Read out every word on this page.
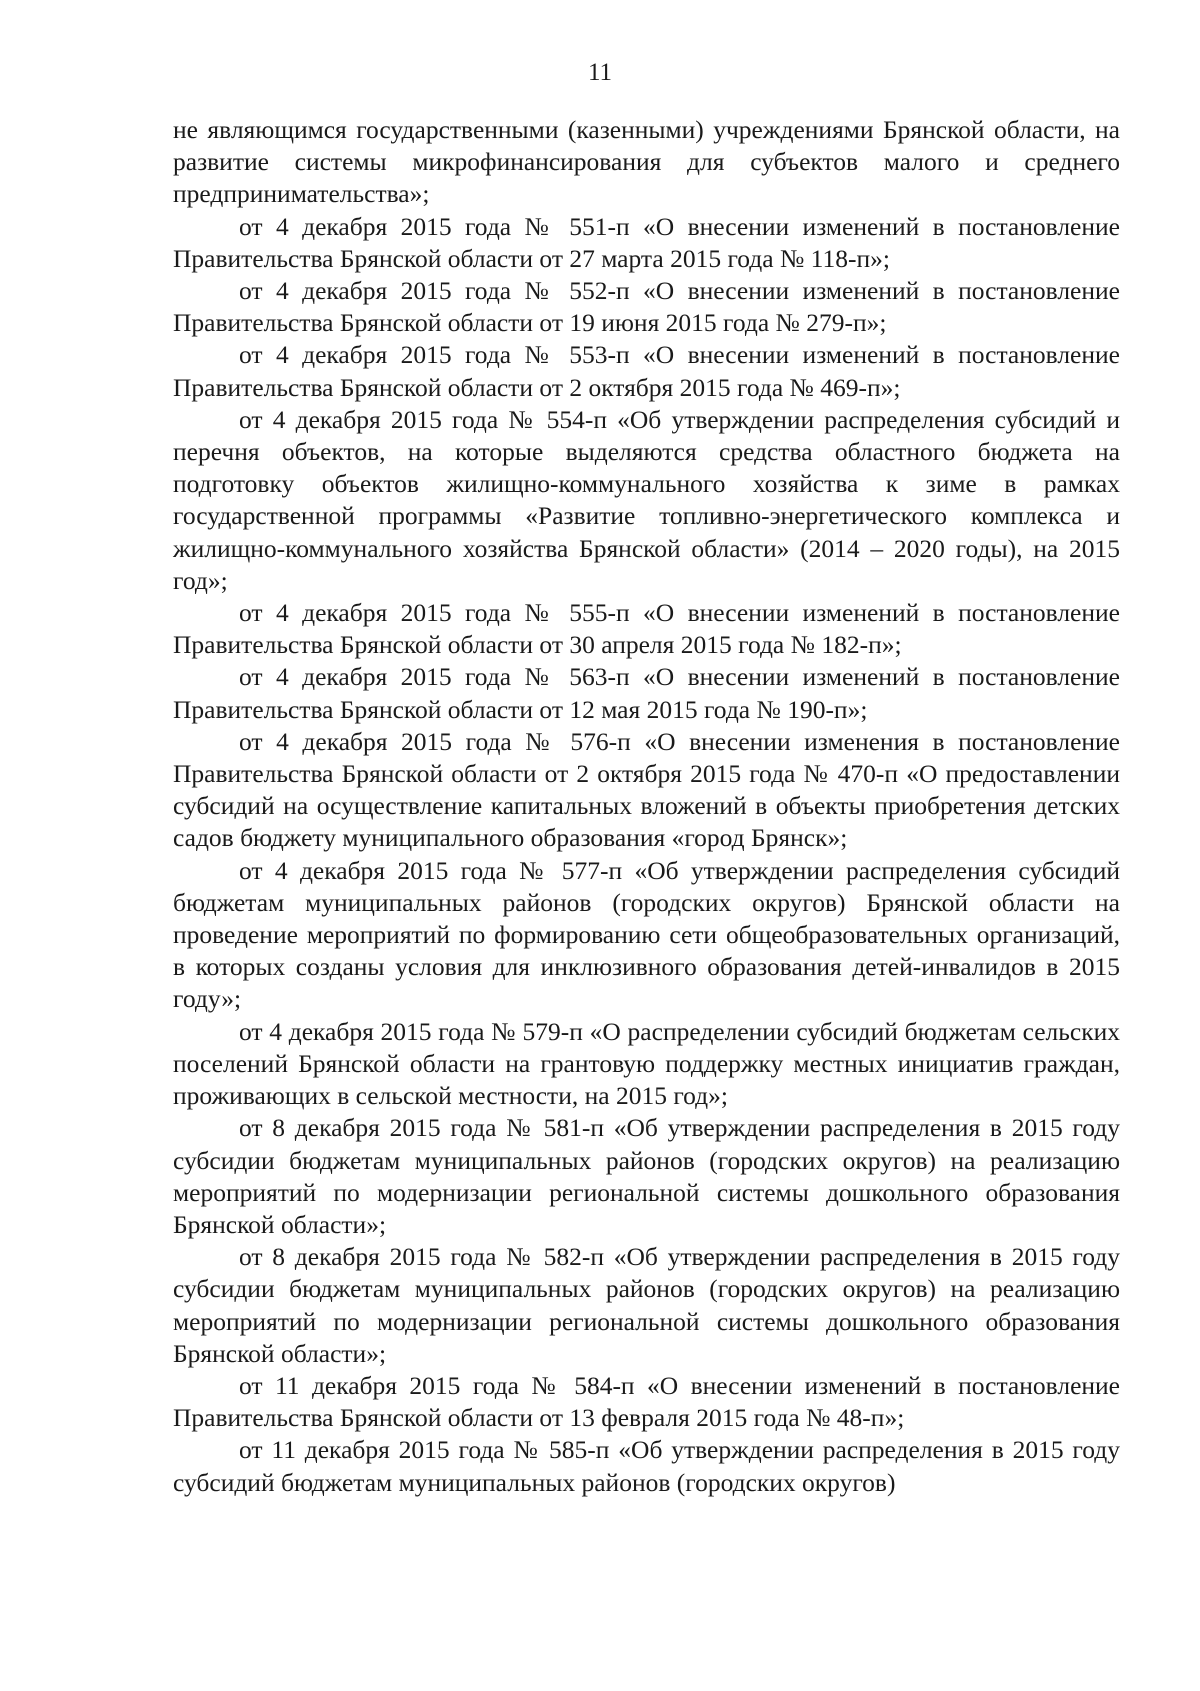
11

не являющимся государственными (казенными) учреждениями Брянской области, на развитие системы микрофинансирования для субъектов малого и среднего предпринимательства»;

от 4 декабря 2015 года № 551-п «О внесении изменений в постановление Правительства Брянской области от 27 марта 2015 года № 118-п»;

от 4 декабря 2015 года № 552-п «О внесении изменений в постановление Правительства Брянской области от 19 июня 2015 года № 279-п»;

от 4 декабря 2015 года № 553-п «О внесении изменений в постановление Правительства Брянской области от 2 октября 2015 года № 469-п»;

от 4 декабря 2015 года № 554-п «Об утверждении распределения субсидий и перечня объектов, на которые выделяются средства областного бюджета на подготовку объектов жилищно-коммунального хозяйства к зиме в рамках государственной программы «Развитие топливно-энергетического комплекса и жилищно-коммунального хозяйства Брянской области» (2014 – 2020 годы), на 2015 год»;

от 4 декабря 2015 года № 555-п «О внесении изменений в постановление Правительства Брянской области от 30 апреля 2015 года № 182-п»;

от 4 декабря 2015 года № 563-п «О внесении изменений в постановление Правительства Брянской области от 12 мая 2015 года № 190-п»;

от 4 декабря 2015 года № 576-п «О внесении изменения в постановление Правительства Брянской области от 2 октября 2015 года № 470-п «О предоставлении субсидий на осуществление капитальных вложений в объекты приобретения детских садов бюджету муниципального образования «город Брянск»;

от 4 декабря 2015 года № 577-п «Об утверждении распределения субсидий бюджетам муниципальных районов (городских округов) Брянской области на проведение мероприятий по формированию сети общеобразовательных организаций, в которых созданы условия для инклюзивного образования детей-инвалидов в 2015 году»;

от 4 декабря 2015 года № 579-п «О распределении субсидий бюджетам сельских поселений Брянской области на грантовую поддержку местных инициатив граждан, проживающих в сельской местности, на 2015 год»;

от 8 декабря 2015 года № 581-п «Об утверждении распределения в 2015 году субсидии бюджетам муниципальных районов (городских округов) на реализацию мероприятий по модернизации региональной системы дошкольного образования Брянской области»;

от 8 декабря 2015 года № 582-п «Об утверждении распределения в 2015 году субсидии бюджетам муниципальных районов (городских округов) на реализацию мероприятий по модернизации региональной системы дошкольного образования Брянской области»;

от 11 декабря 2015 года № 584-п «О внесении изменений в постановление Правительства Брянской области от 13 февраля 2015 года № 48-п»;

от 11 декабря 2015 года № 585-п «Об утверждении распределения в 2015 году субсидий бюджетам муниципальных районов (городских округов)
